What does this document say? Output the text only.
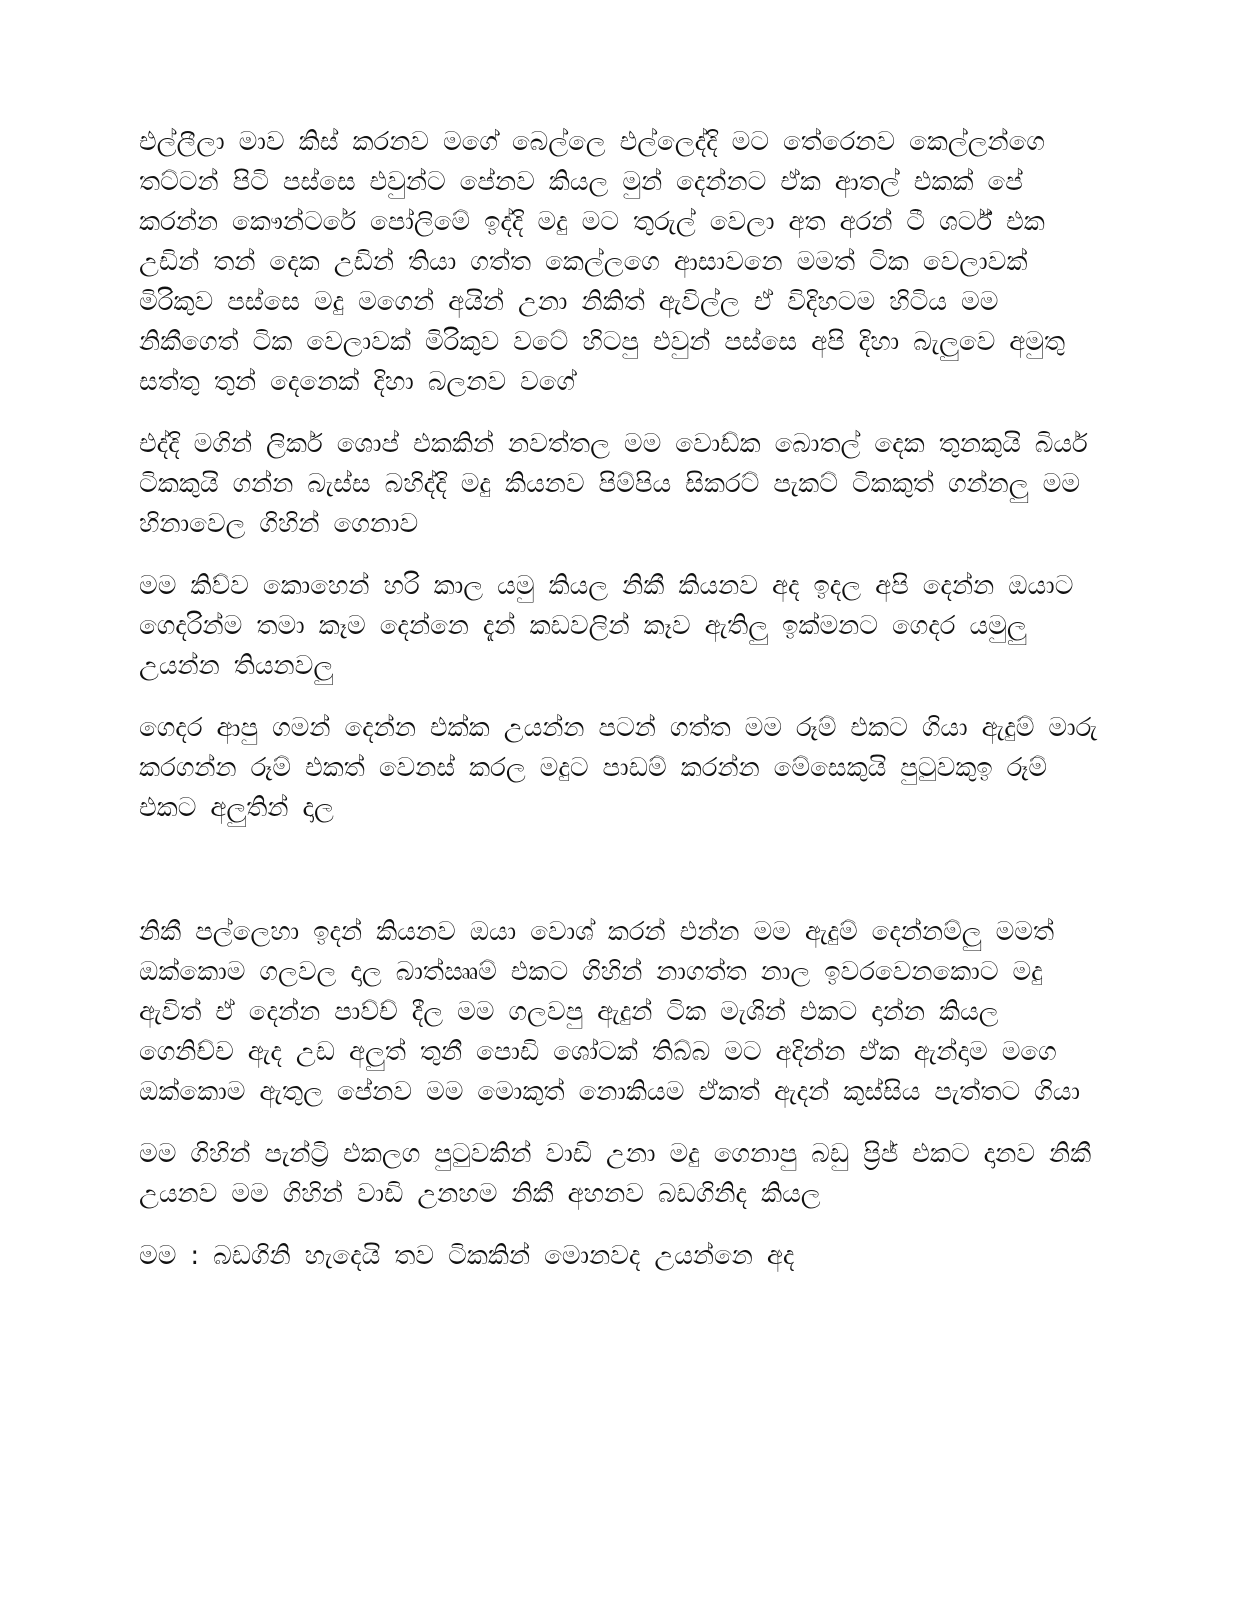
එල්ලීලා මාව කිස් කරනව මගේ බෙල්ලෙ එල්ලෙද්දි මට තේරෙනව කෙල්ලන්ගෙ තට්ටන් පිටි පස්සෙ එවුන්ට පේනව කියල මුන් දෙන්නට ඒක ආතල් එකක් පේ කරන්න කෞන්ටරේ පෝලිමේ ඉද්දි මදු මට තුරුල් වෙලා අත අරන් ටී ශර්ට් එක උඩින් තන් දෙක උඩින් තියා ගත්ත කෙල්ලගෙ ආසාවනෙ මමත් ටික වෙලාවක් මිරිකුව පස්සෙ මදු මගෙන් අයින් උනා නිකිත් ඇවිල්ල ඒ විදිහටම හිටිය මම නිකීගෙත් ටික වෙලාවක් මිරිකුව වටේ හිටපු එවුන් පස්සෙ අපි දිහා බැලුවෙ අමුතු සත්තු තුන් දෙනෙක් දිහා බලනව වගේ

එද්දි මගින් ලිකර් ශොප් එකකින් නවත්තල මම වොඩ්ක බොතල් දෙක තුනකුයි බියර් ටිකකුයි ගන්න බැස්ස බහිද්දි මදු කියනව පිම්පිය සිකරට් පැකට් ටිකකුත් ගන්නලු මම හිනාවෙල ගිහින් ගෙනාව

මම කිව්ව කොහෙන් හරි කාල යමු කියල නිකී කියනව අද ඉදල අපි දෙන්න ඔයාට ගෙදරින්ම තමා කෑම දෙන්නෙ දැන් කඩවලින් කෑව ඇතිලු ඉක්මනට ගෙදර යමුලු උයන්න තියනවලු

ගෙදර ආපු ගමන් දෙන්න එක්ක උයන්න පටන් ගත්ත මම රූම් එකට ගියා ඇදුම් මාරු කරගන්න රූම් එකත් වෙනස් කරල මදුට පාඩම් කරන්න මේසෙකුයි පුටුවකුඉ රූම් එකට අලුතින් දාල

නිකී පල්ලෙහා ඉදන් කියනව ඔයා වොශ් කරන් එන්න මම ඇදුම් දෙන්නම්ලු මමත් ඔක්කොම ගලවල දාල බාත්ඎම් එකට ගිහින් නාගත්ත නාල ඉවරවෙනකොට මදු ඇවිත් ඒ දෙන්න පාව්ච් දීල මම ගලවපු ඇදුන් ටික මැශින් එකට දාන්න කියල ගෙනිච්ච ඇද උඩ අලුත් තුනී පොඩි ශෝටක් තිබ්බ මට අදින්න ඒක ඇන්දාම මගෙ ඔක්කොම ඇතුල පේනව මම මොකුත් නොකියම ඒකත් ඇදන් කුස්සිය පැත්තට ගියා

මම ගිහින් පැන්ට්‍රි එකලග පුටුවකින් වාඩි උනා මදු ගෙනාපු බඩු ප්‍රිජ් එකට දානව නිකී උයනව මම ගිහින් වාඩි උනහම නිකී අහනව බඩගිනිද කියල

මම : බඩගිනි හැදෙයි තව ටිකකින් මොනවද උයන්නෙ අද
